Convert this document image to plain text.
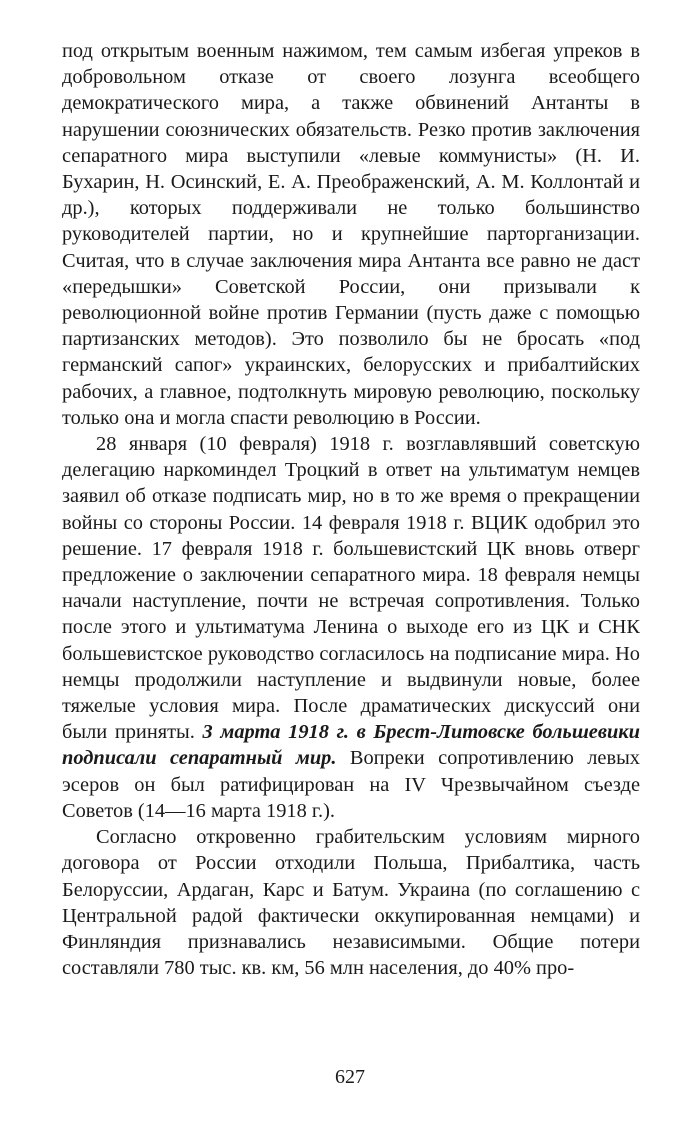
под открытым военным нажимом, тем самым избегая упреков в добровольном отказе от своего лозунга всеобщего демократического мира, а также обвинений Антанты в нарушении союзнических обязательств. Резко против заключения сепаратного мира выступили «левые коммунисты» (Н. И. Бухарин, Н. Осинский, Е. А. Преображенский, А. М. Коллонтай и др.), которых поддерживали не только большинство руководителей партии, но и крупнейшие парторганизации. Считая, что в случае заключения мира Антанта все равно не даст «передышки» Советской России, они призывали к революционной войне против Германии (пусть даже с помощью партизанских методов). Это позволило бы не бросать «под германский сапог» украинских, белорусских и прибалтийских рабочих, а главное, подтолкнуть мировую революцию, поскольку только она и могла спасти революцию в России.

28 января (10 февраля) 1918 г. возглавлявший советскую делегацию наркоминдел Троцкий в ответ на ультиматум немцев заявил об отказе подписать мир, но в то же время о прекращении войны со стороны России. 14 февраля 1918 г. ВЦИК одобрил это решение. 17 февраля 1918 г. большевистский ЦК вновь отверг предложение о заключении сепаратного мира. 18 февраля немцы начали наступление, почти не встречая сопротивления. Только после этого и ультиматума Ленина о выходе его из ЦК и СНК большевистское руководство согласилось на подписание мира. Но немцы продолжили наступление и выдвинули новые, более тяжелые условия мира. После драматических дискуссий они были приняты. 3 марта 1918 г. в Брест-Литовске большевики подписали сепаратный мир. Вопреки сопротивлению левых эсеров он был ратифицирован на IV Чрезвычайном съезде Советов (14—16 марта 1918 г.).

Согласно откровенно грабительским условиям мирного договора от России отходили Польша, Прибалтика, часть Белоруссии, Ардаган, Карс и Батум. Украина (по соглашению с Центральной радой фактически оккупированная немцами) и Финляндия признавались независимыми. Общие потери составляли 780 тыс. кв. км, 56 млн населения, до 40% про-

627
